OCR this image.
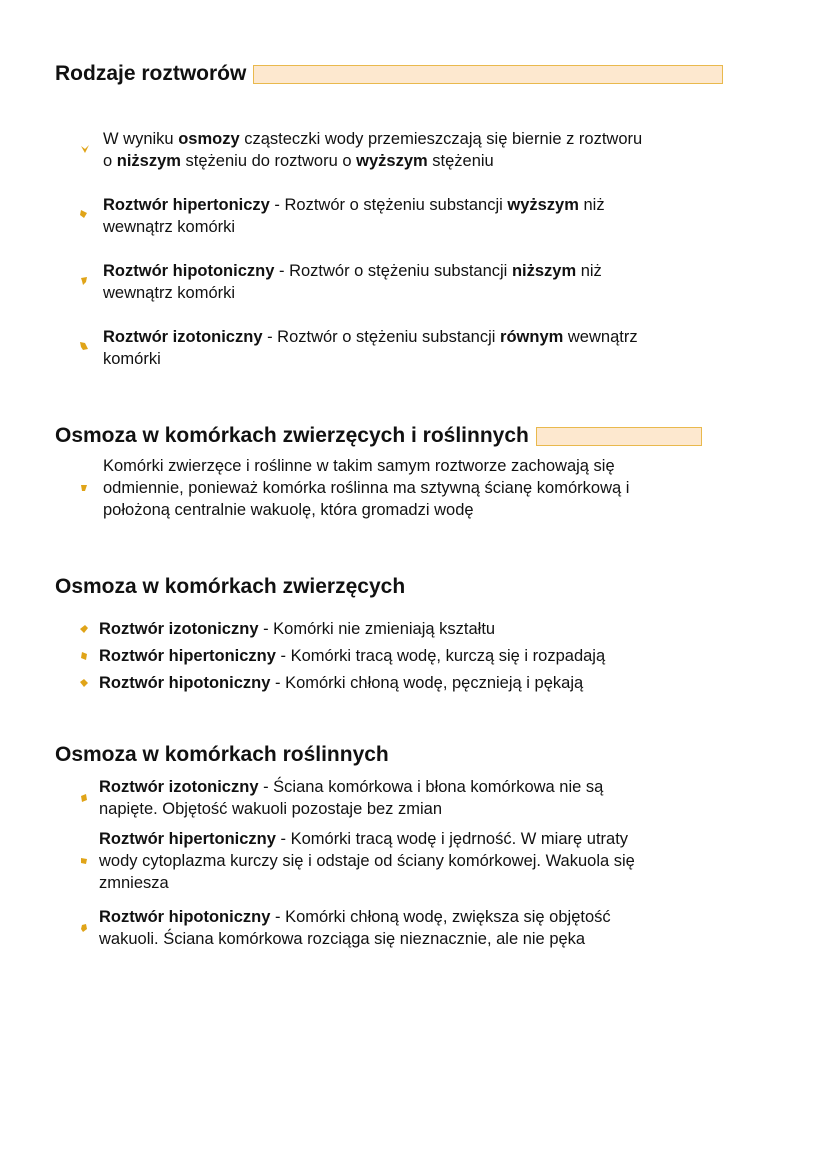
Rodzaje roztworów
W wyniku osmozy cząsteczki wody przemieszczają się biernie z roztworu
o niższym stężeniu do roztworu o wyższym stężeniu
Roztwór hipertoniczy - Roztwór o stężeniu substancji wyższym niż
wewnątrz komórki
Roztwór hipotoniczny - Roztwór o stężeniu substancji niższym niż
wewnątrz komórki
Roztwór izotoniczny - Roztwór o stężeniu substancji równym wewnątrz
komórki
Osmoza w komórkach zwierzęcych i roślinnych
Komórki zwierzęce i roślinne w takim samym roztworze zachowają się
odmiennie, ponieważ komórka roślinna ma sztywną ścianę komórkową i
położoną centralnie wakuolę, która gromadzi wodę
Osmoza w komórkach zwierzęcych
Roztwór izotoniczny - Komórki nie zmieniają kształtu
Roztwór hipertoniczny - Komórki tracą wodę, kurczą się i rozpadają
Roztwór hipotoniczny - Komórki chłoną wodę, pęcznieją i pękają
Osmoza w komórkach roślinnych
Roztwór izotoniczny - Ściana komórkowa i błona komórkowa nie są
napięte. Objętość wakuoli pozostaje bez zmian
Roztwór hipertoniczny - Komórki tracą wodę i jędrność. W miarę utraty
wody cytoplazma kurczy się i odstaje od ściany komórkowej. Wakuola się
zmniesza
Roztwór hipotoniczny - Komórki chłoną wodę, zwiększa się objętość
wakuoli. Ściana komórkowa rozciąga się nieznacznie, ale nie pęka
